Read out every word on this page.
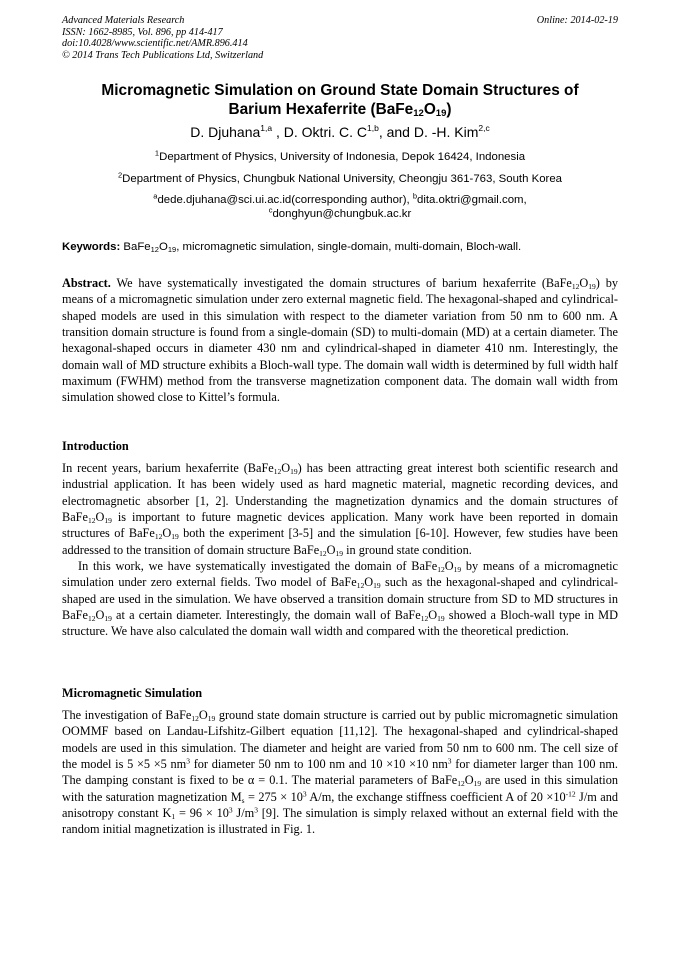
Advanced Materials Research
ISSN: 1662-8985, Vol. 896, pp 414-417
doi:10.4028/www.scientific.net/AMR.896.414
© 2014 Trans Tech Publications Ltd, Switzerland
Online: 2014-02-19
Micromagnetic Simulation on Ground State Domain Structures of
Barium Hexaferrite $(BaFe_{12}O_{19})$
D. Djuhana$^{1,a}$ , D. Oktri. C. C$^{1,b}$, and D. -H. Kim$^{2,c}$
$^1$Department of Physics, University of Indonesia, Depok 16424, Indonesia
$^2$Department of Physics, Chungbuk National University, Cheongju 361-763, South Korea
$^a$dede.djuhana@sci.ui.ac.id(corresponding author), $^b$dita.oktri@gmail.com,
$^c$donghyun@chungbuk.ac.kr
Keywords: $BaFe_{12}O_{19}$, micromagnetic simulation, single-domain, multi-domain, Bloch-wall.

Abstract. We have systematically investigated the domain structures of barium hexaferrite $(BaFe_{12}O_{19})$ by means of a micromagnetic simulation under zero external magnetic field. The hexagonal-shaped and cylindrical-shaped models are used in this simulation with respect to the diameter variation from 50 nm to 600 nm. A transition domain structure is found from a single-domain (SD) to multi-domain (MD) at a certain diameter. The hexagonal-shaped occurs in diameter 430 nm and cylindrical-shaped in diameter 410 nm. Interestingly, the domain wall of MD structure exhibits a Bloch-wall type. The domain wall width is determined by full width half maximum (FWHM) method from the transverse magnetization component data. The domain wall width from simulation showed close to Kittel’s formula.

Introduction

In recent years, barium hexaferrite $(BaFe_{12}O_{19})$ has been attracting great interest both scientific research and industrial application. It has been widely used as hard magnetic material, magnetic recording devices, and electromagnetic absorber [1, 2]. Understanding the magnetization dynamics and the domain structures of $BaFe_{12}O_{19}$ is important to future magnetic devices application. Many work have been reported in domain structures of $BaFe_{12}O_{19}$ both the experiment [3-5] and the simulation [6-10]. However, few studies have been addressed to the transition of domain structure $BaFe_{12}O_{19}$ in ground state condition.

In this work, we have systematically investigated the domain of $BaFe_{12}O_{19}$ by means of a micromagnetic simulation under zero external fields. Two model of $BaFe_{12}O_{19}$ such as the hexagonal-shaped and cylindrical-shaped are used in the simulation. We have observed a transition domain structure from SD to MD structures in $BaFe_{12}O_{19}$ at a certain diameter. Interestingly, the domain wall of $BaFe_{12}O_{19}$ showed a Bloch-wall type in MD structure. We have also calculated the domain wall width and compared with the theoretical prediction.

Micromagnetic Simulation

The investigation of $BaFe_{12}O_{19}$ ground state domain structure is carried out by public micromagnetic simulation OOMMF based on Landau-Lifshitz-Gilbert equation [11,12]. The hexagonal-shaped and cylindrical-shaped models are used in this simulation. The diameter and height are varied from 50 nm to 600 nm. The cell size of the model is 5 ×5 ×5 $nm^3$ for diameter 50 nm to 100 nm and 10 ×10 ×10 $nm^3$ for diameter larger than 100 nm. The damping constant is fixed to be α = 0.1. The material parameters of $BaFe_{12}O_{19}$ are used in this simulation with the saturation magnetization $M_s = 275 \times 10^3$ A/m, the exchange stiffness coefficient A of $20 \times 10^{-12}$ J/m and anisotropy constant $K_1 = 96 \times 10^3$ $J/m^3$ [9]. The simulation is simply relaxed without an external field with the random initial magnetization is illustrated in Fig. 1.
